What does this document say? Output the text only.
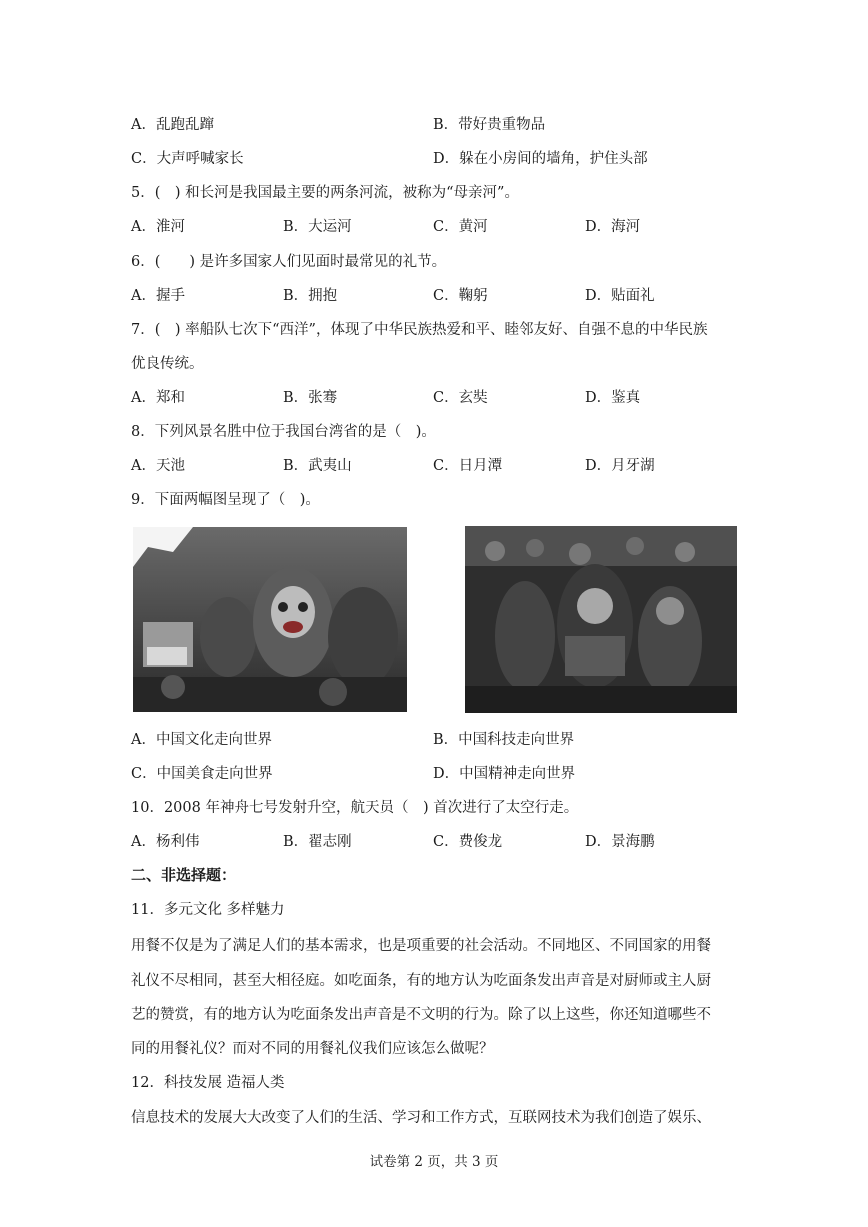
A．乱跑乱蹿	B．带好贵重物品
C．大声呼喊家长	D．躲在小房间的墙角，护住头部
5．(　) 和长河是我国最主要的两条河流，被称为“母亲河”。
A．淮河	B．大运河	C．黄河	D．海河
6．(　　) 是许多国家人们见面时最常见的礼节。
A．握手	B．拥抱	C．鞠躬	D．贴面礼
7．(　) 率船队七次下“西洋”，体现了中华民族热爱和平、睦邻友好、自强不息的中华民族
优良传统。
A．郑和	B．张骞	C．玄奘	D．鉴真
8．下列风景名胜中位于我国台湾省的是（　)。
A．天池	B．武夷山	C．日月潭	D．月牙湖
9．下面两幅图呈现了（　)。
A．中国文化走向世界	B．中国科技走向世界
C．中国美食走向世界	D．中国精神走向世界
10．2008 年神舟七号发射升空，航天员（　) 首次进行了太空行走。
A．杨利伟	B．翟志刚	C．费俊龙	D．景海鹏
二、非选择题：
11．多元文化 多样魅力
用餐不仅是为了满足人们的基本需求，也是项重要的社会活动。不同地区、不同国家的用餐
礼仪不尽相同，甚至大相径庭。如吃面条，有的地方认为吃面条发出声音是对厨师或主人厨
艺的赞赏，有的地方认为吃面条发出声音是不文明的行为。除了以上这些，你还知道哪些不
同的用餐礼仪？而对不同的用餐礼仪我们应该怎么做呢？
12．科技发展 造福人类
信息技术的发展大大改变了人们的生活、学习和工作方式，互联网技术为我们创造了娱乐、
试卷第 2 页，共 3 页
